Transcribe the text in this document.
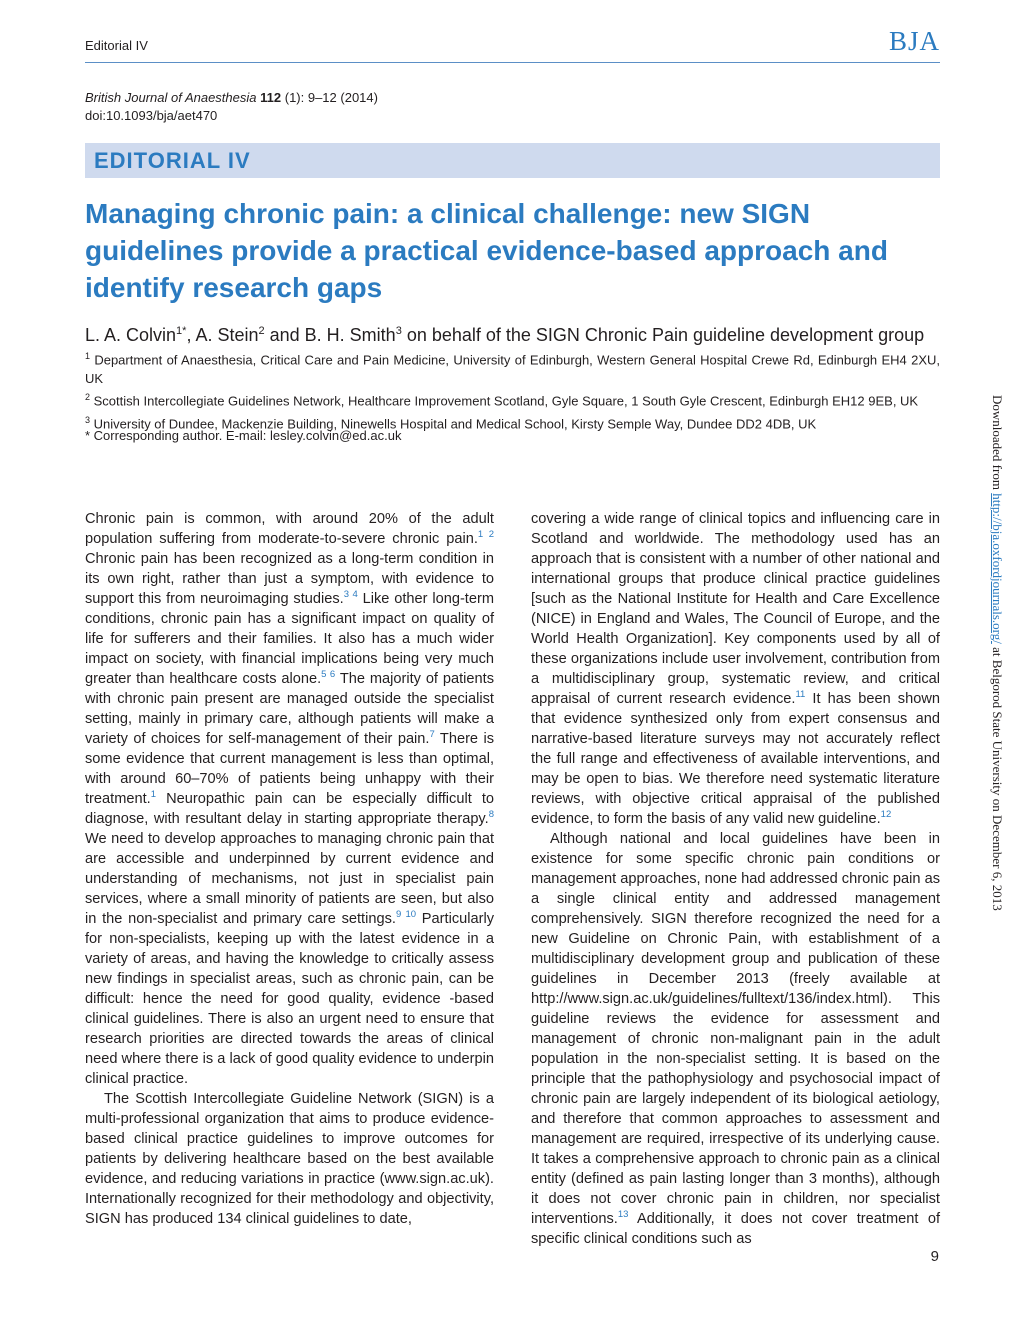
Editorial IV	BJA
British Journal of Anaesthesia 112 (1): 9–12 (2014)
doi:10.1093/bja/aet470
EDITORIAL IV
Managing chronic pain: a clinical challenge: new SIGN guidelines provide a practical evidence-based approach and identify research gaps
L. A. Colvin$^{1*}$, A. Stein$^2$ and B. H. Smith$^3$ on behalf of the SIGN Chronic Pain guideline development group

$^1$ Department of Anaesthesia, Critical Care and Pain Medicine, University of Edinburgh, Western General Hospital Crewe Rd, Edinburgh EH4 2XU, UK

$^2$ Scottish Intercollegiate Guidelines Network, Healthcare Improvement Scotland, Gyle Square, 1 South Gyle Crescent, Edinburgh EH12 9EB, UK

$^3$ University of Dundee, Mackenzie Building, Ninewells Hospital and Medical School, Kirsty Semple Way, Dundee DD2 4DB, UK

* Corresponding author. E-mail: lesley.colvin@ed.ac.uk

Chronic pain is common, with around 20% of the adult population suffering from moderate-to-severe chronic pain.$^{1 2}$ Chronic pain has been recognized as a long-term condition in its own right, rather than just a symptom, with evidence to support this from neuroimaging studies.$^{3 4}$ Like other long-term conditions, chronic pain has a significant impact on quality of life for sufferers and their families. It also has a much wider impact on society, with financial implications being very much greater than healthcare costs alone.$^{5 6}$ The majority of patients with chronic pain present are managed outside the specialist setting, mainly in primary care, although patients will make a variety of choices for self-management of their pain.$^7$ There is some evidence that current management is less than optimal, with around 60–70% of patients being unhappy with their treatment.$^1$ Neuropathic pain can be especially difficult to diagnose, with resultant delay in starting appropriate therapy.$^8$ We need to develop approaches to managing chronic pain that are accessible and underpinned by current evidence and understanding of mechanisms, not just in specialist pain services, where a small minority of patients are seen, but also in the non-specialist and primary care settings.$^{9 10}$ Particularly for non-specialists, keeping up with the latest evidence in a variety of areas, and having the knowledge to critically assess new findings in specialist areas, such as chronic pain, can be difficult: hence the need for good quality, evidence -based clinical guidelines. There is also an urgent need to ensure that research priorities are directed towards the areas of clinical need where there is a lack of good quality evidence to underpin clinical practice.

The Scottish Intercollegiate Guideline Network (SIGN) is a multi-professional organization that aims to produce evidence-based clinical practice guidelines to improve outcomes for patients by delivering healthcare based on the best available evidence, and reducing variations in practice (www.sign.ac.uk). Internationally recognized for their methodology and objectivity, SIGN has produced 134 clinical guidelines to date,

covering a wide range of clinical topics and influencing care in Scotland and worldwide. The methodology used has an approach that is consistent with a number of other national and international groups that produce clinical practice guidelines [such as the National Institute for Health and Care Excellence (NICE) in England and Wales, The Council of Europe, and the World Health Organization]. Key components used by all of these organizations include user involvement, contribution from a multidisciplinary group, systematic review, and critical appraisal of current research evidence.$^{11}$ It has been shown that evidence synthesized only from expert consensus and narrative-based literature surveys may not accurately reflect the full range and effectiveness of available interventions, and may be open to bias. We therefore need systematic literature reviews, with objective critical appraisal of the published evidence, to form the basis of any valid new guideline.$^{12}$

Although national and local guidelines have been in existence for some specific chronic pain conditions or management approaches, none had addressed chronic pain as a single clinical entity and addressed management comprehensively. SIGN therefore recognized the need for a new Guideline on Chronic Pain, with establishment of a multidisciplinary development group and publication of these guidelines in December 2013 (freely available at http://www.sign.ac.uk/guidelines/fulltext/136/index.html). This guideline reviews the evidence for assessment and management of chronic non-malignant pain in the adult population in the non-specialist setting. It is based on the principle that the pathophysiology and psychosocial impact of chronic pain are largely independent of its biological aetiology, and therefore that common approaches to assessment and management are required, irrespective of its underlying cause. It takes a comprehensive approach to chronic pain as a clinical entity (defined as pain lasting longer than 3 months), although it does not cover chronic pain in children, nor specialist interventions.$^{13}$ Additionally, it does not cover treatment of specific clinical conditions such as

9
Downloaded from http://bja.oxfordjournals.org/ at Belgorod State University on December 6, 2013
